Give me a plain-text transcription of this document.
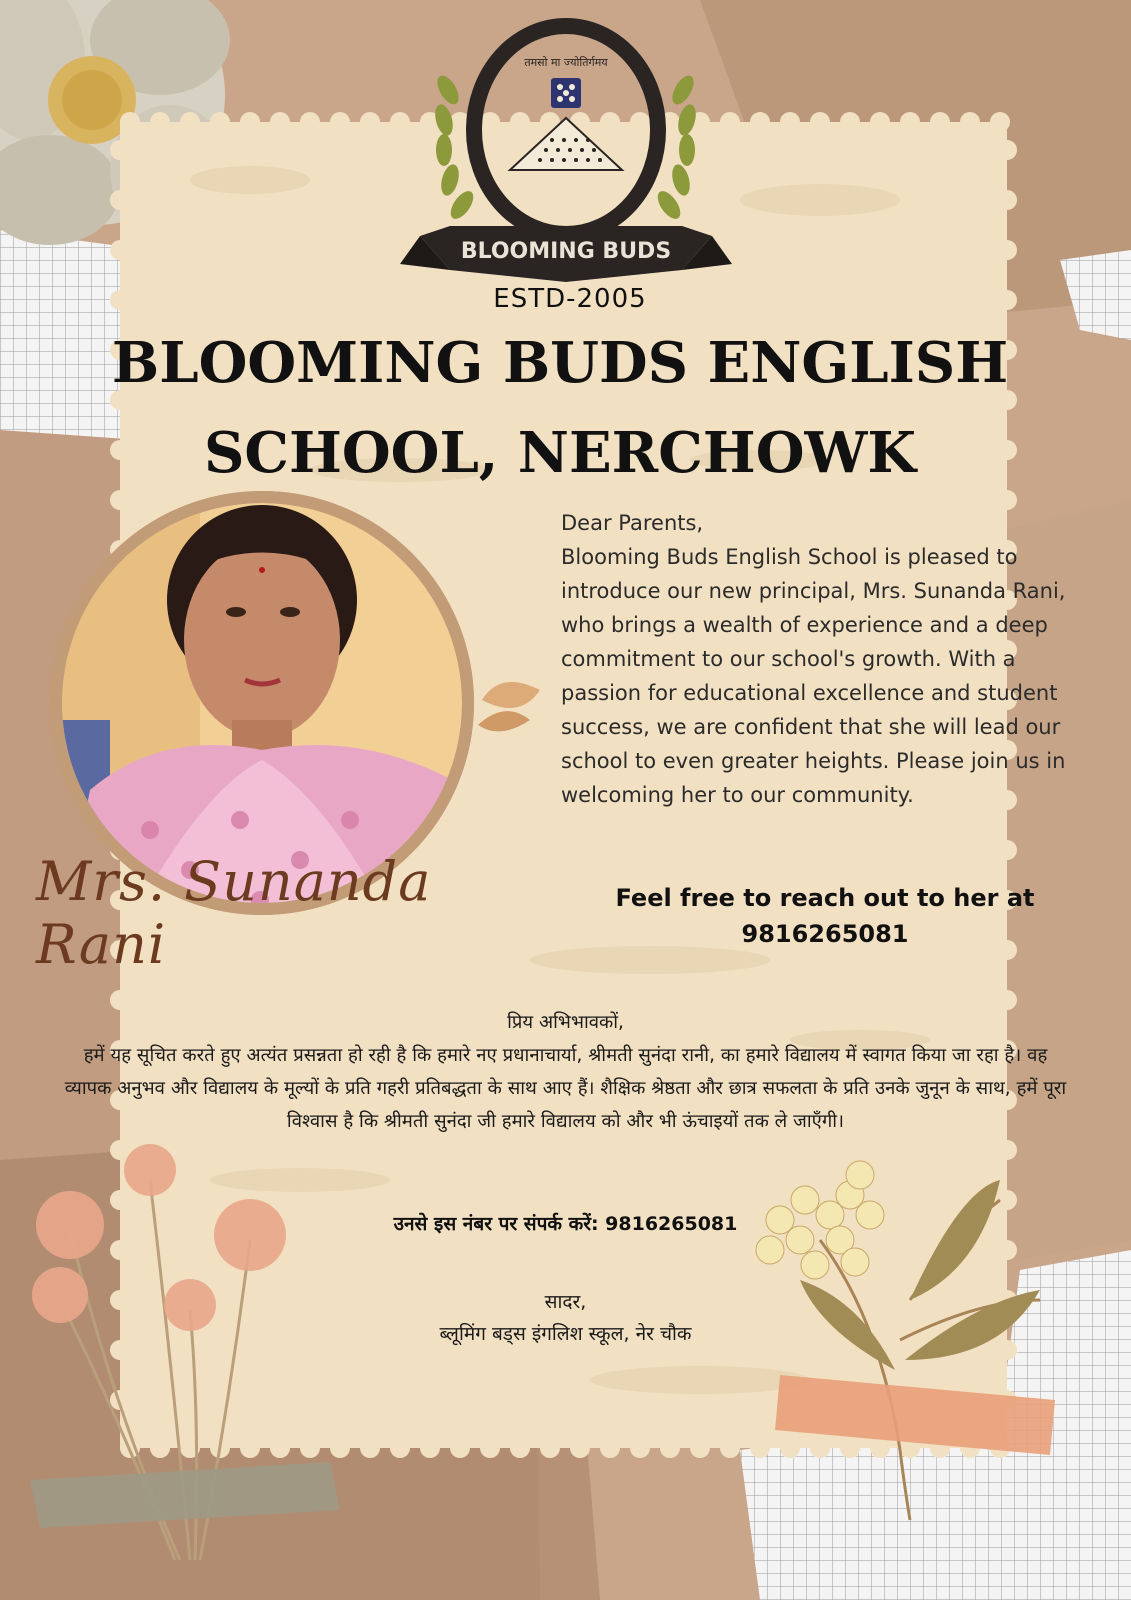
BLOOMING BUDS
तमसो मा ज्योतिर्गमय
ESTD-2005
BLOOMING BUDS ENGLISH
SCHOOL, NERCHOWK

Dear Parents,

Blooming Buds English School is pleased to introduce our new principal, Mrs. Sunanda Rani, who brings a wealth of experience and a deep commitment to our school's growth. With a passion for educational excellence and student success, we are confident that she will lead our school to even greater heights. Please join us in welcoming her to our community.

Mrs. Sunanda Rani
Feel free to reach out to her at
9816265081

प्रिय अभिभावकों,

हमें यह सूचित करते हुए अत्यंत प्रसन्नता हो रही है कि हमारे नए प्रधानाचार्या, श्रीमती सुनंदा रानी, का हमारे विद्यालय में स्वागत किया जा रहा है। वह व्यापक अनुभव और विद्यालय के मूल्यों के प्रति गहरी प्रतिबद्धता के साथ आए हैं। शैक्षिक श्रेष्ठता और छात्र सफलता के प्रति उनके जुनून के साथ, हमें पूरा विश्वास है कि श्रीमती सुनंदा जी हमारे विद्यालय को और भी ऊंचाइयों तक ले जाएँगी।

उनसे इस नंबर पर संपर्क करें: 9816265081
सादर,
ब्लूमिंग बड्स इंगलिश स्कूल, नेर चौक
